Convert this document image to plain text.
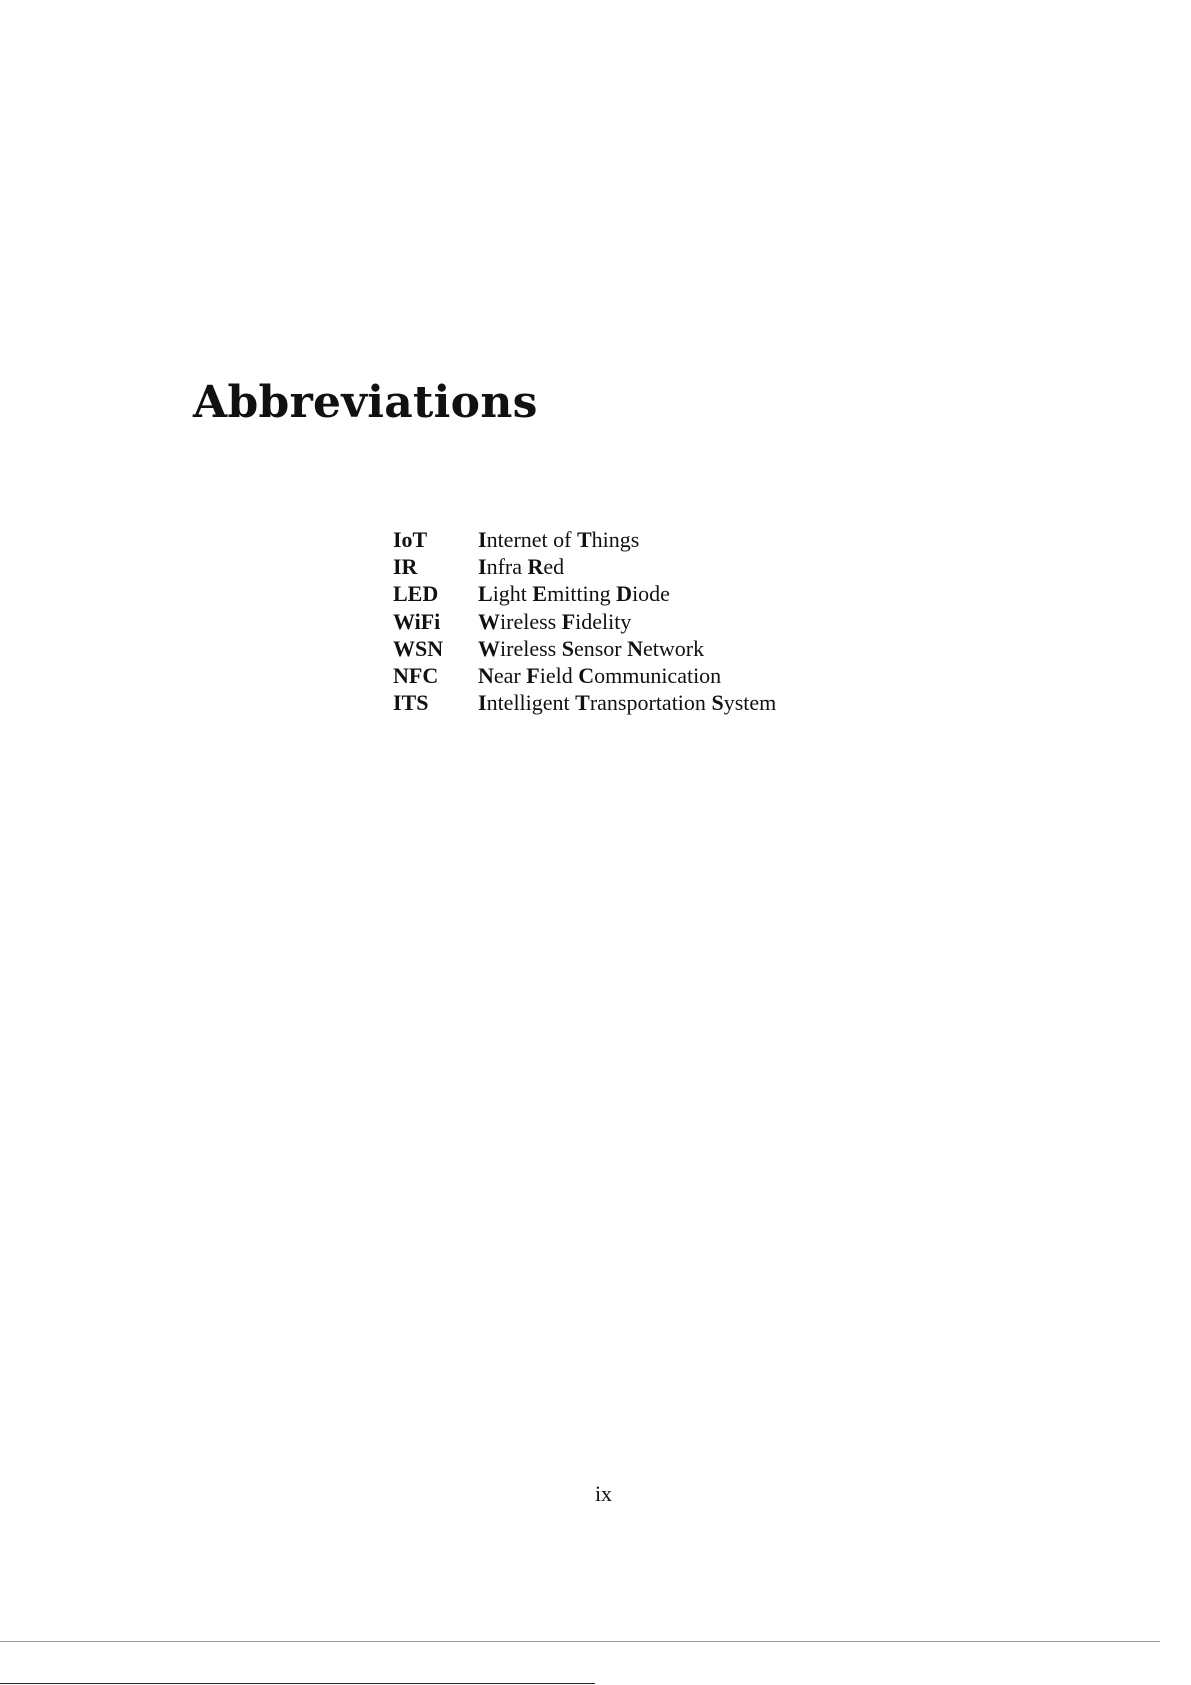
Abbreviations
IoT	Internet of Things
IR	Infra Red
LED	Light Emitting Diode
WiFi	Wireless Fidelity
WSN	Wireless Sensor Network
NFC	Near Field Communication
ITS	Intelligent Transportation System
ix
